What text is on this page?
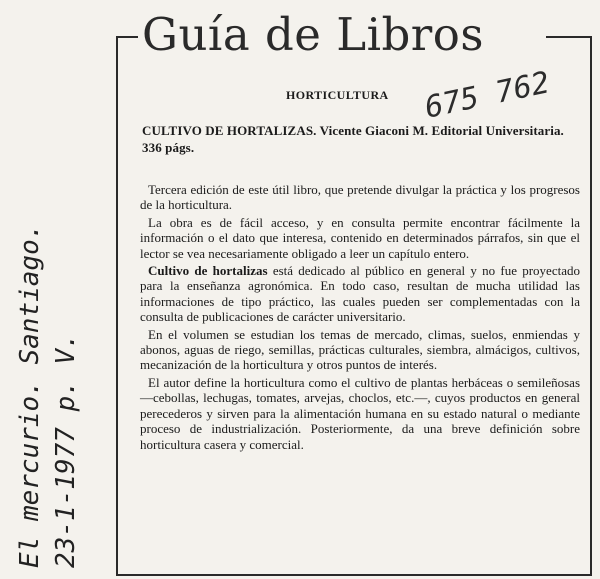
El mercurio. Santiago. 23-1-1977 p. V.
Guía de Libros
675 762
HORTICULTURA
CULTIVO DE HORTALIZAS. Vicente Giaconi M. Editorial Universitaria. 336 págs.

Tercera edición de este útil libro, que pretende divulgar la práctica y los progresos de la horticultura.

La obra es de fácil acceso, y en consulta permite encontrar fácilmente la información o el dato que interesa, contenido en determinados párrafos, sin que el lector se vea necesariamente obligado a leer un capítulo entero.

Cultivo de hortalizas está dedicado al público en general y no fue proyectado para la enseñanza agronómica. En todo caso, resultan de mucha utilidad las informaciones de tipo práctico, las cuales pueden ser complementadas con la consulta de publicaciones de carácter universitario.

En el volumen se estudian los temas de mercado, climas, suelos, enmiendas y abonos, aguas de riego, semillas, prácticas culturales, siembra, almácigos, cultivos, mecanización de la horticultura y otros puntos de interés.

El autor define la horticultura como el cultivo de plantas herbáceas o semileñosas —cebollas, lechugas, tomates, arvejas, choclos, etc.—, cuyos productos en general perecederos y sirven para la alimentación humana en su estado natural o mediante proceso de industrialización. Posteriormente, da una breve definición sobre horticultura casera y comercial.
